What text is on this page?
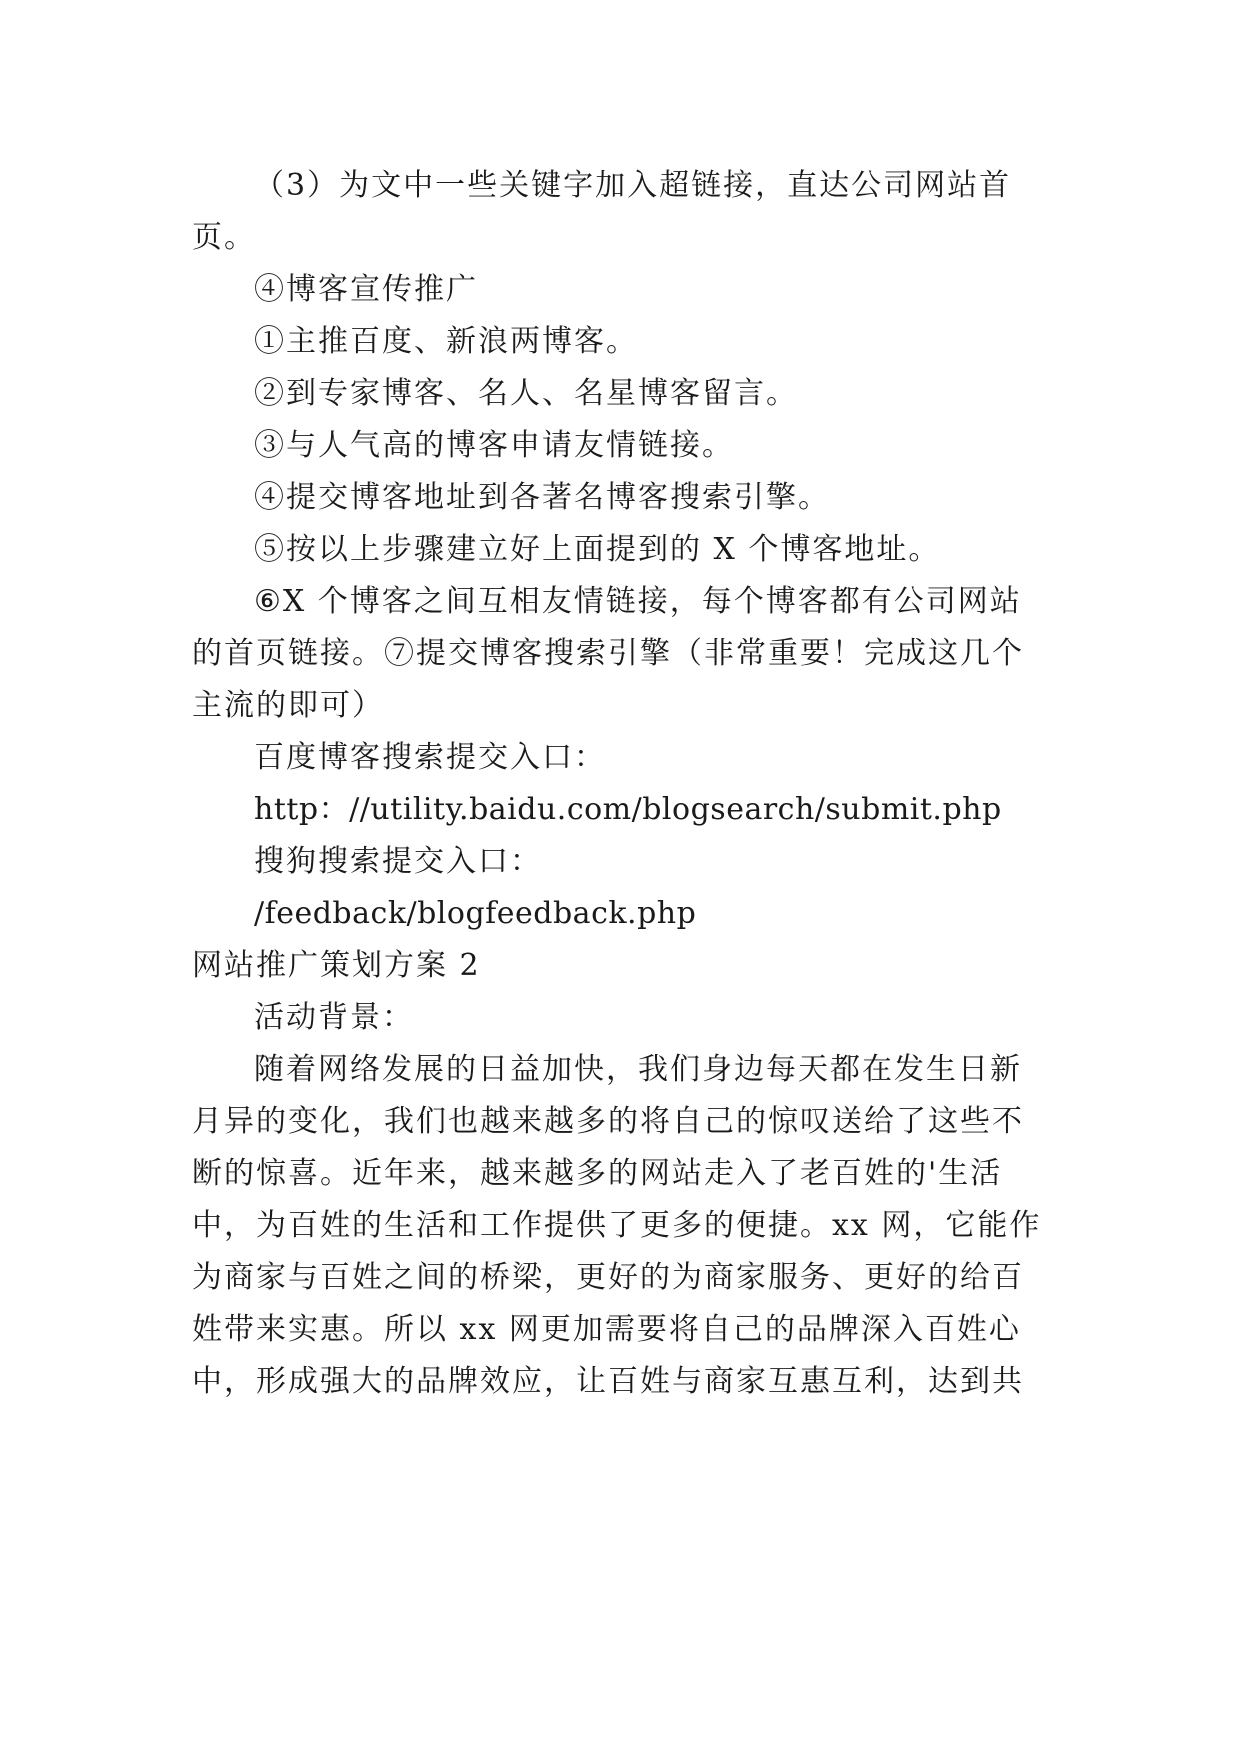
（3）为文中一些关键字加入超链接，直达公司网站首

页。

④博客宣传推广

①主推百度、新浪两博客。

②到专家博客、名人、名星博客留言。

③与人气高的博客申请友情链接。

④提交博客地址到各著名博客搜索引擎。

⑤按以上步骤建立好上面提到的 X 个博客地址。

⑥X 个博客之间互相友情链接，每个博客都有公司网站

的首页链接。⑦提交博客搜索引擎（非常重要！完成这几个

主流的即可）

百度博客搜索提交入口：

http：//utility.baidu.com/blogsearch/submit.php

搜狗搜索提交入口：

/feedback/blogfeedback.php

网站推广策划方案 2

活动背景：

随着网络发展的日益加快，我们身边每天都在发生日新

月异的变化，我们也越来越多的将自己的惊叹送给了这些不

断的惊喜。近年来，越来越多的网站走入了老百姓的'生活

中，为百姓的生活和工作提供了更多的便捷。xx 网，它能作

为商家与百姓之间的桥梁，更好的为商家服务、更好的给百

姓带来实惠。所以 xx 网更加需要将自己的品牌深入百姓心

中，形成强大的品牌效应，让百姓与商家互惠互利，达到共
